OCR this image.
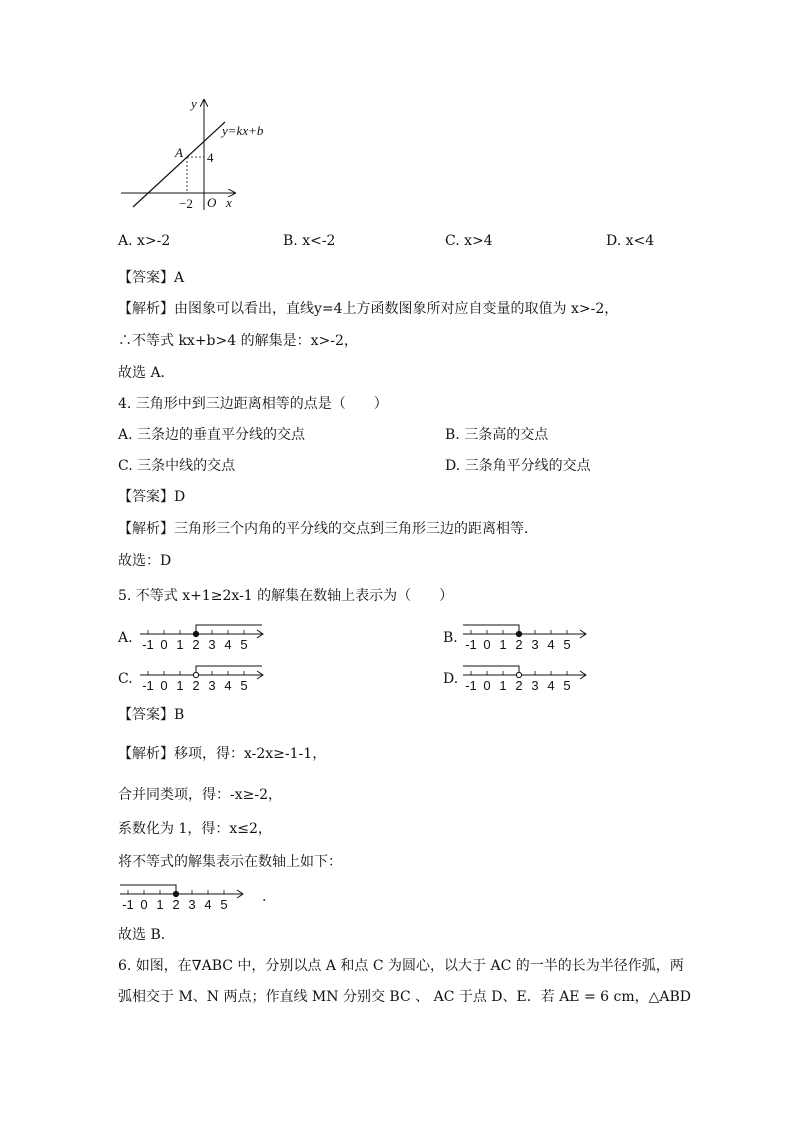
y
y=kx+b
A 4
−2 O x
A. x>-2	B. x<-2	C. x>4	D. x<4
【答案】A
【解析】由图象可以看出，直线y=4上方函数图象所对应自变量的取值为 x>-2，
∴不等式 kx+b>4 的解集是：x>-2，
故选 A．
4. 三角形中到三边距离相等的点是（　　）
A. 三条边的垂直平分线的交点	B. 三条高的交点
C. 三条中线的交点	D. 三条角平分线的交点
【答案】D
【解析】三角形三个内角的平分线的交点到三角形三边的距离相等．
故选：D
5. 不等式 x+1≥2x-1 的解集在数轴上表示为（　　）
A. -1 0 1 2 3 4 5	B. -1 0 1 2 3 4 5
C. -1 0 1 2 3 4 5	D. -1 0 1 2 3 4 5
【答案】B
【解析】移项，得：x-2x≥-1-1，
合并同类项，得：-x≥-2，
系数化为 1，得：x≤2，
将不等式的解集表示在数轴上如下：
-1 0 1 2 3 4 5 .
故选 B．
6. 如图，在∇ABC 中，分别以点 A 和点 C 为圆心，以大于 AC 的一半的长为半径作弧，两
弧相交于 M、N 两点；作直线 MN 分别交 BC 、 AC 于点 D、E．若 AE = 6 cm，△ABD
